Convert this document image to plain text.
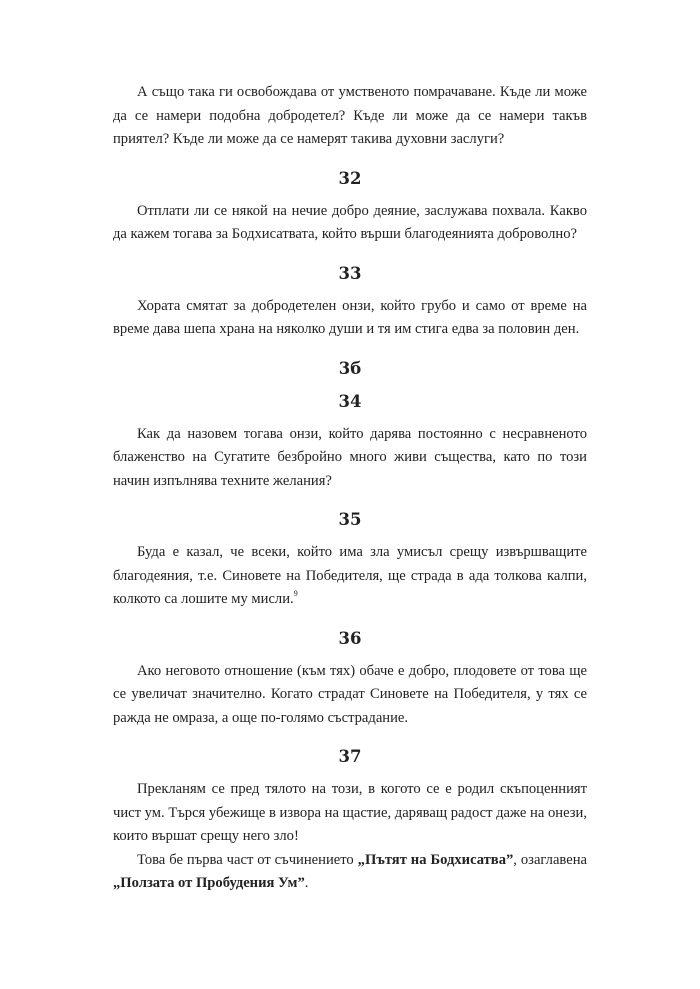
А също така ги освобождава от умственото помрачаване. Къде ли може да се намери подобна добродетел? Къде ли може да се намери такъв приятел? Къде ли може да се намерят такива духовни заслуги?

32

Отплати ли се някой на нечие добро деяние, заслужава похвала. Какво да кажем тогава за Бодхисатвата, който върши благодеянията доброволно?

33

Хората смятат за добродетелен онзи, който грубо и само от време на време дава шепа храна на няколко души и тя им стига едва за половин ден.

3б
34

Как да назовем тогава онзи, който дарява постоянно с несравненото блаженство на Сугатите безбройно много живи същества, като по този начин изпълнява техните желания?

35

Буда е казал, че всеки, който има зла умисъл срещу извършващите благодеяния, т.е. Синовете на Победителя, ще страда в ада толкова калпи, колкото са лошите му мисли.$^9$

36

Ако неговото отношение (към тях) обаче е добро, плодовете от това ще се увеличат значително. Когато страдат Синовете на Победителя, у тях се ражда не омраза, а още по-голямо състрадание.

37

Прекланям се пред тялото на този, в когото се е родил скъпоценният чист ум. Търся убежище в извора на щастие, даряващ радост даже на онези, които вършат срещу него зло!

Това бе първа част от съчинението „Пътят на Бодхисатва”, озаглавена „Ползата от Пробудения Ум”.
